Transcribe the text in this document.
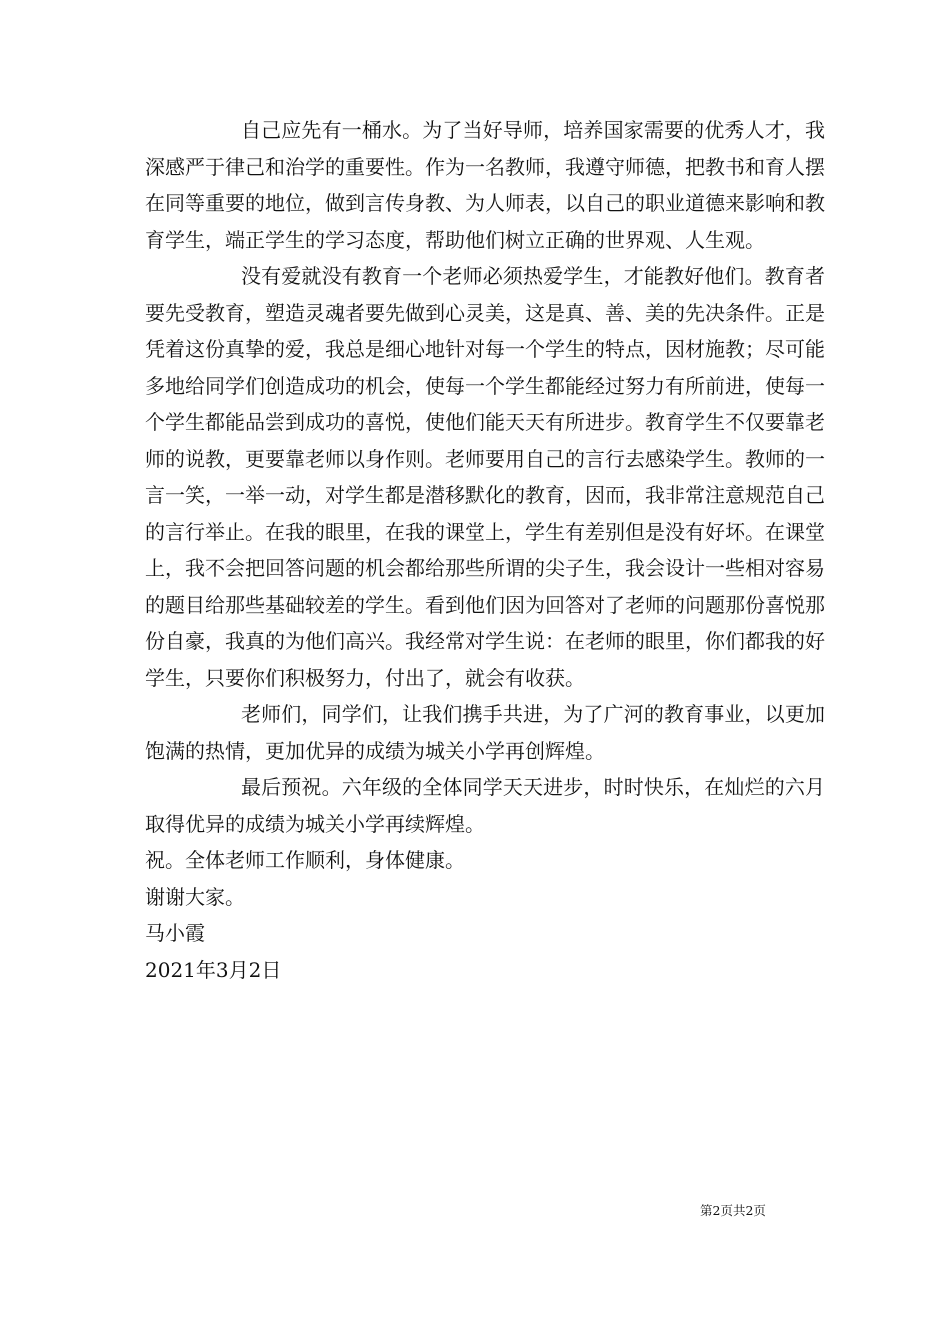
自己应先有一桶水。为了当好导师，培养国家需要的优秀人才，我深感严于律己和治学的重要性。作为一名教师，我遵守师德，把教书和育人摆在同等重要的地位，做到言传身教、为人师表，以自己的职业道德来影响和教育学生，端正学生的学习态度，帮助他们树立正确的世界观、人生观。

没有爱就没有教育一个老师必须热爱学生，才能教好他们。教育者要先受教育，塑造灵魂者要先做到心灵美，这是真、善、美的先决条件。正是凭着这份真挚的爱，我总是细心地针对每一个学生的特点，因材施教；尽可能多地给同学们创造成功的机会，使每一个学生都能经过努力有所前进，使每一个学生都能品尝到成功的喜悦，使他们能天天有所进步。教育学生不仅要靠老师的说教，更要靠老师以身作则。老师要用自己的言行去感染学生。教师的一言一笑，一举一动，对学生都是潜移默化的教育，因而，我非常注意规范自己的言行举止。在我的眼里，在我的课堂上，学生有差别但是没有好坏。在课堂上，我不会把回答问题的机会都给那些所谓的尖子生，我会设计一些相对容易的题目给那些基础较差的学生。看到他们因为回答对了老师的问题那份喜悦那份自豪，我真的为他们高兴。我经常对学生说：在老师的眼里，你们都我的好学生，只要你们积极努力，付出了，就会有收获。

老师们，同学们，让我们携手共进，为了广河的教育事业，以更加饱满的热情，更加优异的成绩为城关小学再创辉煌。

最后预祝。六年级的全体同学天天进步，时时快乐，在灿烂的六月取得优异的成绩为城关小学再续辉煌。

祝。全体老师工作顺利，身体健康。

谢谢大家。

马小霞

2021年3月2日

第2页共2页
